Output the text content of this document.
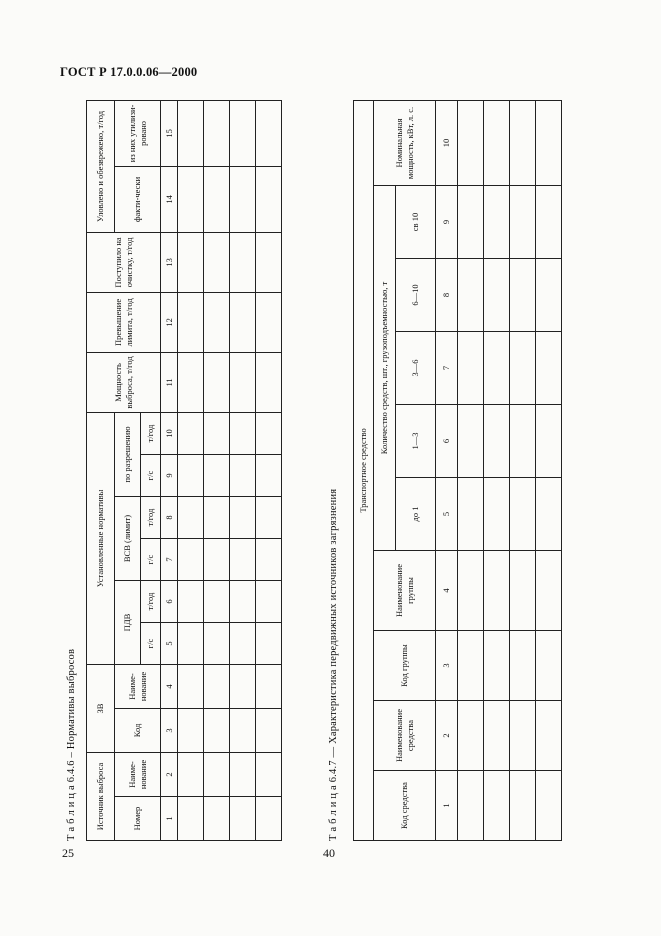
ГОСТ Р 17.0.0.06—2000
25
Т а б л и ц а 6.4.6 – Нормативы выбросов Источник выброса		ЗВ		Установленные нормативы						Мощность выброса, т/год	Превышение лимита, т/год	Поступило на очистку, т/год	Уловлено и обезврежено, т/год	
Номер	Наиме-нование	Код	Наиме-нование	ПДВ		ВСВ (лимит)		по разрешению					факти-чески	из них утилизи-ровано
				г/с	т/год	г/с	т/год	г/с	т/год					
1	2	3	4	5	6	7	8	9	10	11	12	13	14	15

40
Т а б л и ц а 6.4.7 — Характеристика передвижных источников загрязнения
Транспортное средство									
Код средства	Наименование средства	Код группы	Наименование группы	Количество средств, шт., грузоподъемностью, т					Номинальная мощность, кВт, л. с.
				до 1	1—3	3—6	6—10	св 10	
1	2	3	4	5	6	7	8	9	10
